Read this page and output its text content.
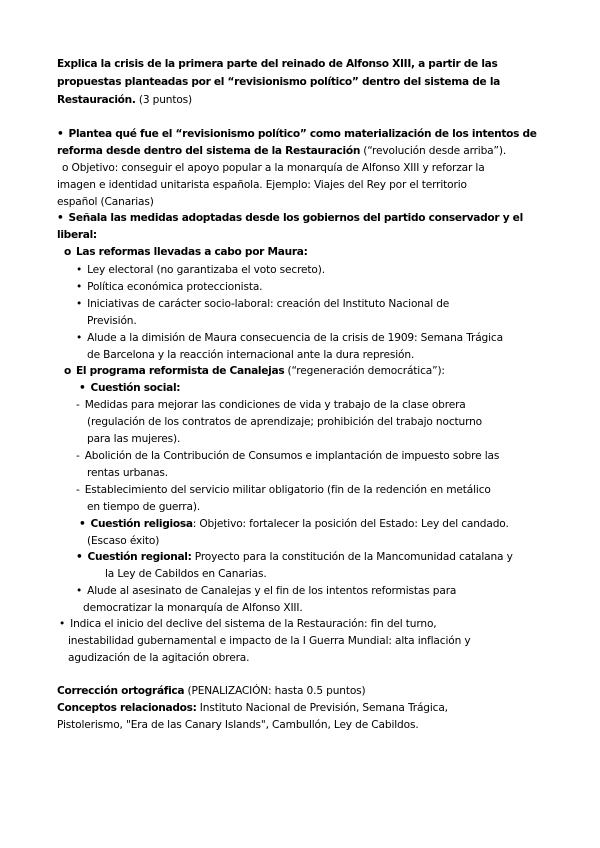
Explica la crisis de la primera parte del reinado de Alfonso XIII, a partir de las
propuestas planteadas por el “revisionismo político” dentro del sistema de la
Restauración. (3 puntos)
• Plantea qué fue el “revisionismo político” como materialización de los intentos de
reforma desde dentro del sistema de la Restauración (“revolución desde arriba”).
o Objetivo: conseguir el apoyo popular a la monarquía de Alfonso XIII y reforzar la
imagen e identidad unitarista española. Ejemplo: Viajes del Rey por el territorio
español (Canarias)
• Señala las medidas adoptadas desde los gobiernos del partido conservador y el
liberal:
o Las reformas llevadas a cabo por Maura:
• Ley electoral (no garantizaba el voto secreto).
• Política económica proteccionista.
• Iniciativas de carácter socio-laboral: creación del Instituto Nacional de
Previsión.
• Alude a la dimisión de Maura consecuencia de la crisis de 1909: Semana Trágica
de Barcelona y la reacción internacional ante la dura represión.
o El programa reformista de Canalejas (“regeneración democrática”):
• Cuestión social:
- Medidas para mejorar las condiciones de vida y trabajo de la clase obrera
(regulación de los contratos de aprendizaje; prohibición del trabajo nocturno
para las mujeres).
- Abolición de la Contribución de Consumos e implantación de impuesto sobre las
rentas urbanas.
- Establecimiento del servicio militar obligatorio (fin de la redención en metálico
en tiempo de guerra).
• Cuestión religiosa: Objetivo: fortalecer la posición del Estado: Ley del candado.
(Escaso éxito)
• Cuestión regional: Proyecto para la constitución de la Mancomunidad catalana y
la Ley de Cabildos en Canarias.
• Alude al asesinato de Canalejas y el fin de los intentos reformistas para
democratizar la monarquía de Alfonso XIII.
• Indica el inicio del declive del sistema de la Restauración: fin del turno,
inestabilidad gubernamental e impacto de la I Guerra Mundial: alta inflación y
agudización de la agitación obrera.
Corrección ortográfica (PENALIZACIÓN: hasta 0.5 puntos)
Conceptos relacionados: Instituto Nacional de Previsión, Semana Trágica,
Pistolerismo, "Era de las Canary Islands", Cambullón, Ley de Cabildos.
